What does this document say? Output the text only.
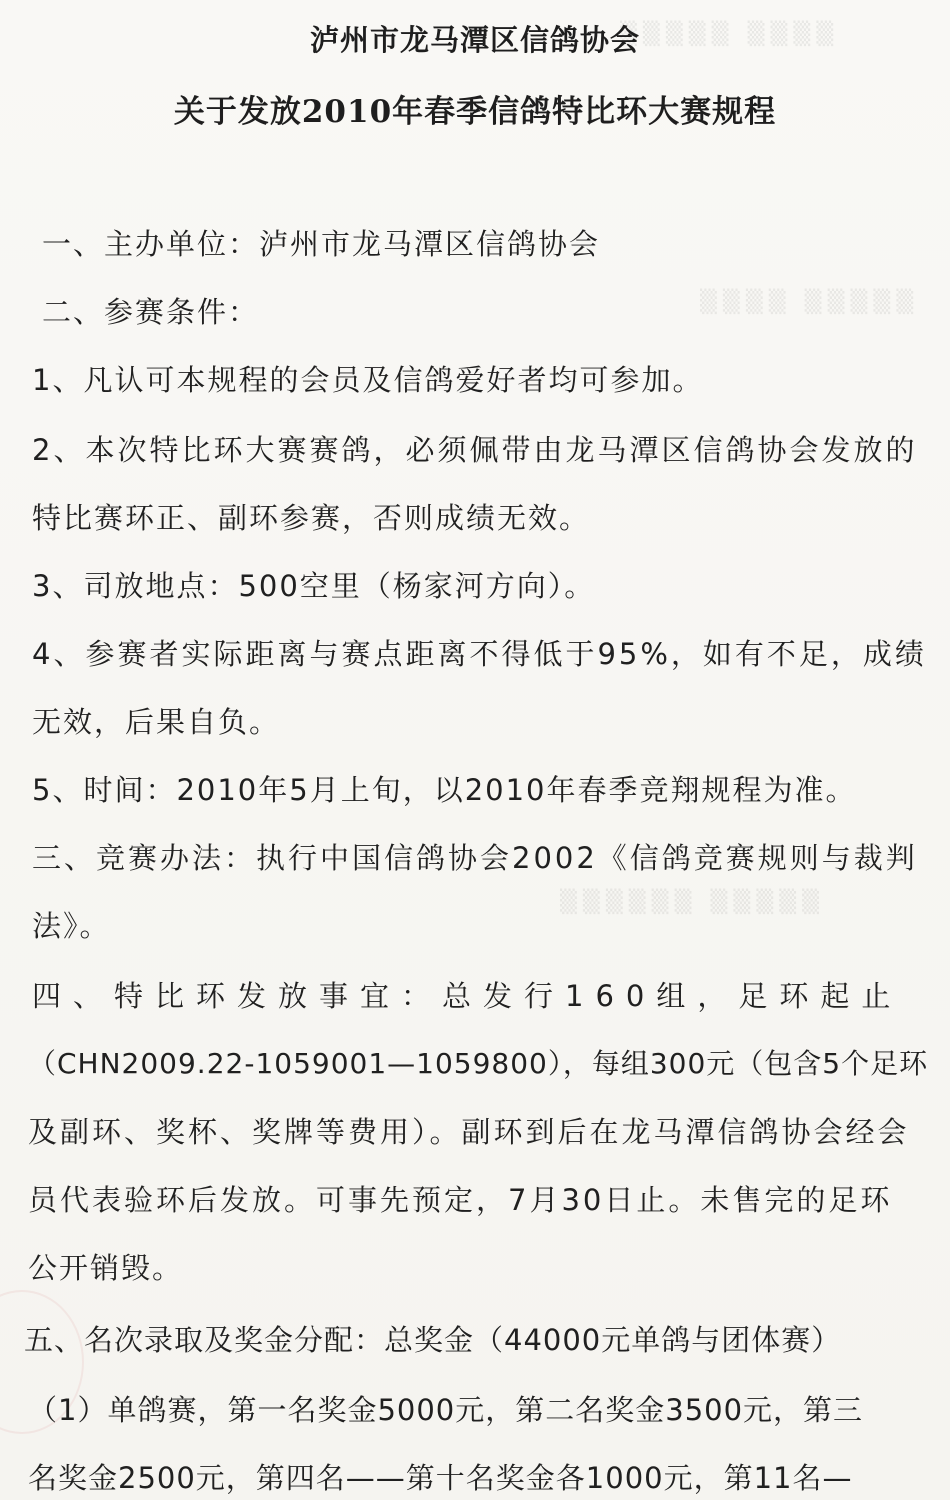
▒▒▒▒▒ ▒▒▒▒
▒▒▒▒ ▒▒▒▒▒
▒▒▒▒▒▒ ▒▒▒▒▒
泸州市龙马潭区信鸽协会
关于发放2010年春季信鸽特比环大赛规程
一、主办单位：泸州市龙马潭区信鸽协会
二、参赛条件：
1、凡认可本规程的会员及信鸽爱好者均可参加。
2、本次特比环大赛赛鸽，必须佩带由龙马潭区信鸽协会发放的
特比赛环正、副环参赛，否则成绩无效。
3、司放地点：500空里（杨家河方向）。
4、参赛者实际距离与赛点距离不得低于95%，如有不足，成绩
无效，后果自负。
5、时间：2010年5月上旬，以2010年春季竞翔规程为准。
三、竞赛办法：执行中国信鸽协会2002《信鸽竞赛规则与裁判
法》。
四、特比环发放事宜：总发行160组，足环起止
（CHN2009.22-1059001—1059800），每组300元（包含5个足环
及副环、奖杯、奖牌等费用）。副环到后在龙马潭信鸽协会经会
员代表验环后发放。可事先预定，7月30日止。未售完的足环
公开销毁。
五、名次录取及奖金分配：总奖金（44000元单鸽与团体赛）
（1）单鸽赛，第一名奖金5000元，第二名奖金3500元，第三
名奖金2500元，第四名——第十名奖金各1000元，第11名—
